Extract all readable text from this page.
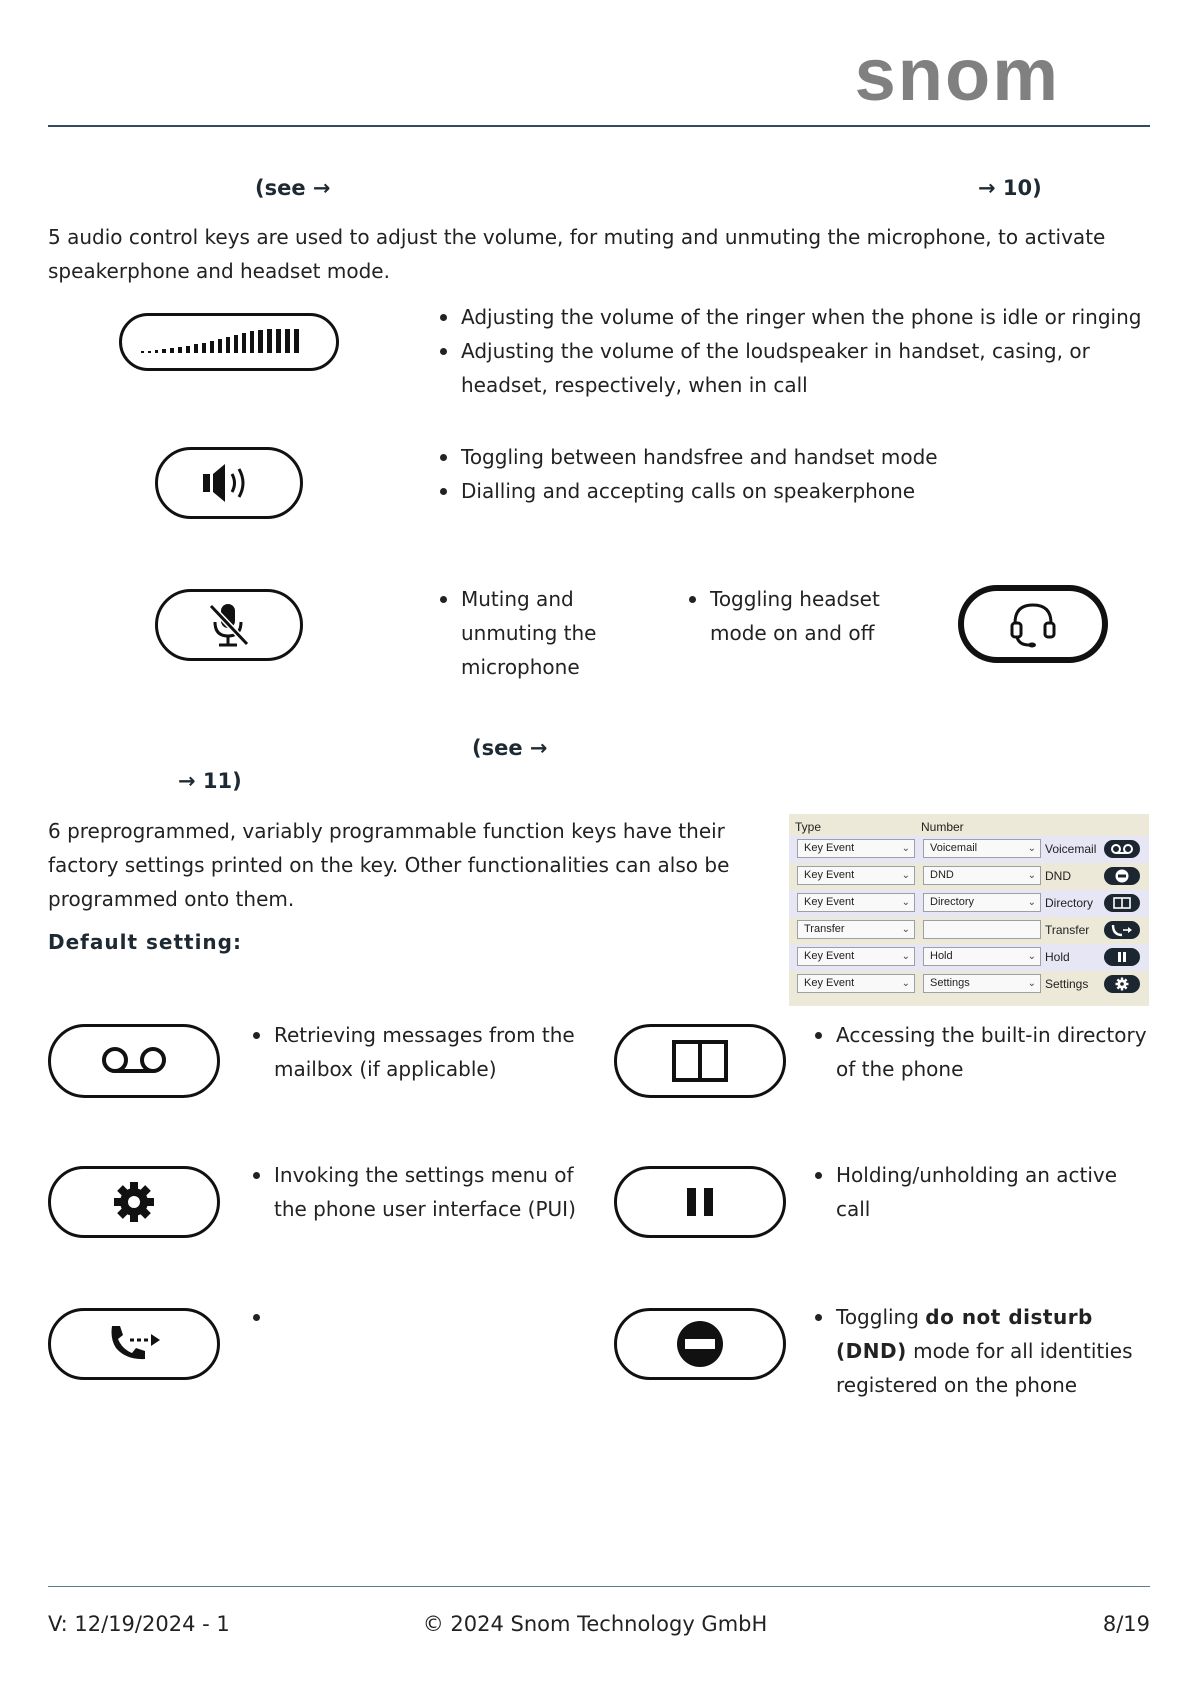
snom
(see →	→ 10)
5 audio control keys are used to adjust the volume, for muting and unmuting the microphone, to activate speakerphone and headset mode.
Adjusting the volume of the ringer when the phone is idle or ringing
Adjusting the volume of the loudspeaker in handset, casing, or headset, respectively, when in call
Toggling between handsfree and handset mode
Dialling and accepting calls on speakerphone
Muting and unmuting the microphone
Toggling headset mode on and off
(see →
→ 11)
6 preprogrammed, variably programmable function keys have their factory settings printed on the key. Other functionalities can also be programmed onto them.
Default setting:
Type	Number
Key Event	⌄	Voicemail	⌄ Voicemail
Key Event	⌄	DND	⌄ DND
Key Event	⌄	Directory	⌄ Directory
Transfer	⌄	Transfer
Key Event	⌄	Hold	⌄ Hold
Key Event	⌄	Settings	⌄ Settings
Retrieving messages from the mailbox (if applicable)
Accessing the built-in directory of the phone
Invoking the settings menu of the phone user interface (PUI)
Holding/unholding an active call
Toggling do not disturb (DND) mode for all identities registered on the phone
V: 12/19/2024 - 1	© 2024 Snom Technology GmbH	8/19
